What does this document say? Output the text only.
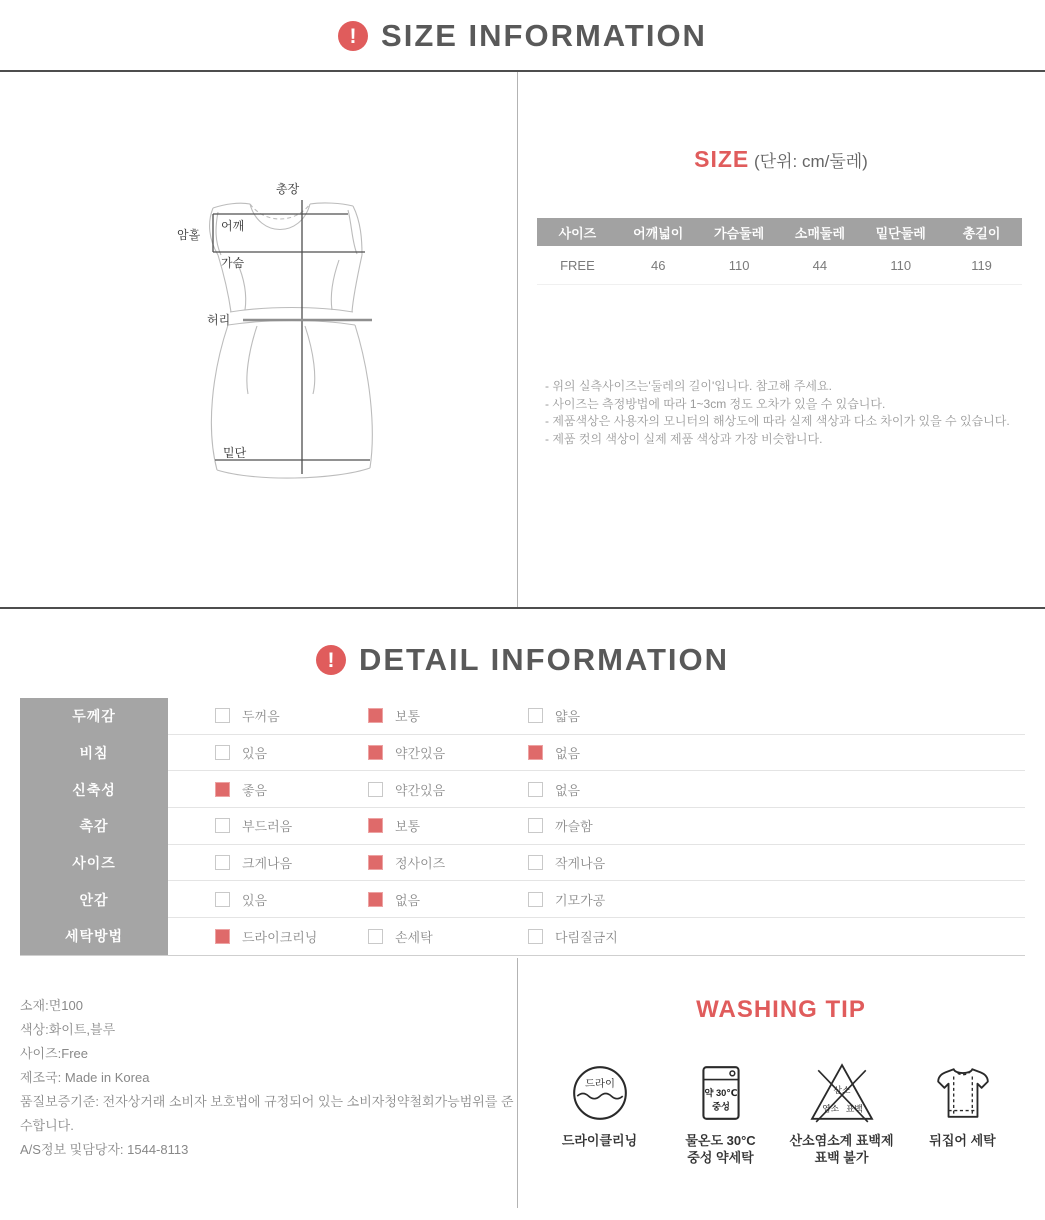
! SIZE INFORMATION
총장
어깨
암홀
가슴
허리
밑단
SIZE (단위: cm/둘레)
사이즈	어깨넓이	가슴둘레	소매둘레	밑단둘레	총길이
FREE	46	110	44	110	119
- 위의 실측사이즈는'둘레의 길이'입니다. 참고해 주세요.
- 사이즈는 측정방법에 따라 1~3cm 정도 오차가 있을 수 있습니다.
- 제품색상은 사용자의 모니터의 해상도에 따라 실제 색상과 다소 차이가 있을 수 있습니다.
- 제품 컷의 색상이 실제 제품 색상과 가장 비슷합니다.
! DETAIL INFORMATION
두께감	두꺼음	보통	얇음
비침	있음	약간있음	없음
신축성	좋음	약간있음	없음
촉감	부드러음	보통	까슬함
사이즈	크게나음	정사이즈	작게나음
안감	있음	없음	기모가공
세탁방법	드라이크리닝	손세탁	다림질금지
소재:면100
색상:화이트,블루
사이즈:Free
제조국: Made in Korea
품질보증기준: 전자상거래 소비자 보호법에 규정되어 있는 소비자청약철회가능범위를 준수합니다.
A/S정보 및담당자: 1544-8113
WASHING TIP
드라이
드라이클리닝
약 30℃
중성
물온도 30°C
중성 약세탁
산소
염소 표백
산소염소계 표백제
표백 불가
뒤집어 세탁
